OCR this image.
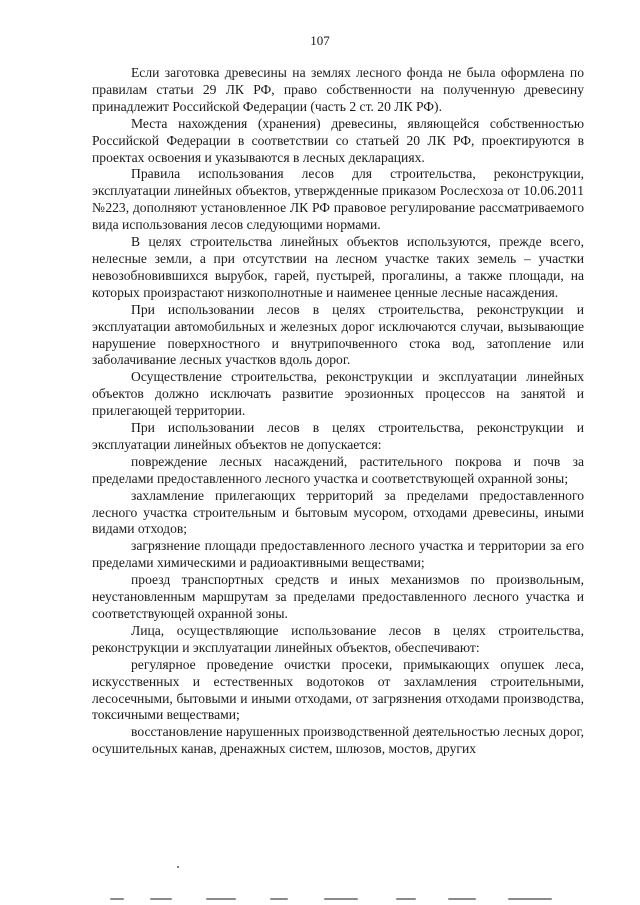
107

Если заготовка древесины на землях лесного фонда не была оформлена по правилам статьи 29 ЛК РФ, право собственности на полученную древесину принадлежит Российской Федерации (часть 2 ст. 20 ЛК РФ).

Места нахождения (хранения) древесины, являющейся собственностью Российской Федерации в соответствии со статьей 20 ЛК РФ, проектируются в проектах освоения и указываются в лесных декларациях.

Правила использования лесов для строительства, реконструкции, эксплуатации линейных объектов, утвержденные приказом Рослесхоза от 10.06.2011 №223, дополняют установленное ЛК РФ правовое регулирование рассматриваемого вида использования лесов следующими нормами.

В целях строительства линейных объектов используются, прежде всего, нелесные земли, а при отсутствии на лесном участке таких земель – участки невозобновившихся вырубок, гарей, пустырей, прогалины, а также площади, на которых произрастают низкополнотные и наименее ценные лесные насаждения.

При использовании лесов в целях строительства, реконструкции и эксплуатации автомобильных и железных дорог исключаются случаи, вызывающие нарушение поверхностного и внутрипочвенного стока вод, затопление или заболачивание лесных участков вдоль дорог.

Осуществление строительства, реконструкции и эксплуатации линейных объектов должно исключать развитие эрозионных процессов на занятой и прилегающей территории.

При использовании лесов в целях строительства, реконструкции и эксплуатации линейных объектов не допускается:

повреждение лесных насаждений, растительного покрова и почв за пределами предоставленного лесного участка и соответствующей охранной зоны;

захламление прилегающих территорий за пределами предоставленного лесного участка строительным и бытовым мусором, отходами древесины, иными видами отходов;

загрязнение площади предоставленного лесного участка и территории за его пределами химическими и радиоактивными веществами;

проезд транспортных средств и иных механизмов по произвольным, неустановленным маршрутам за пределами предоставленного лесного участка и соответствующей охранной зоны.

Лица, осуществляющие использование лесов в целях строительства, реконструкции и эксплуатации линейных объектов, обеспечивают:

регулярное проведение очистки просеки, примыкающих опушек леса, искусственных и естественных водотоков от захламления строительными, лесосечными, бытовыми и иными отходами, от загрязнения отходами производства, токсичными веществами;

восстановление нарушенных производственной деятельностью лесных дорог, осушительных канав, дренажных систем, шлюзов, мостов, других
